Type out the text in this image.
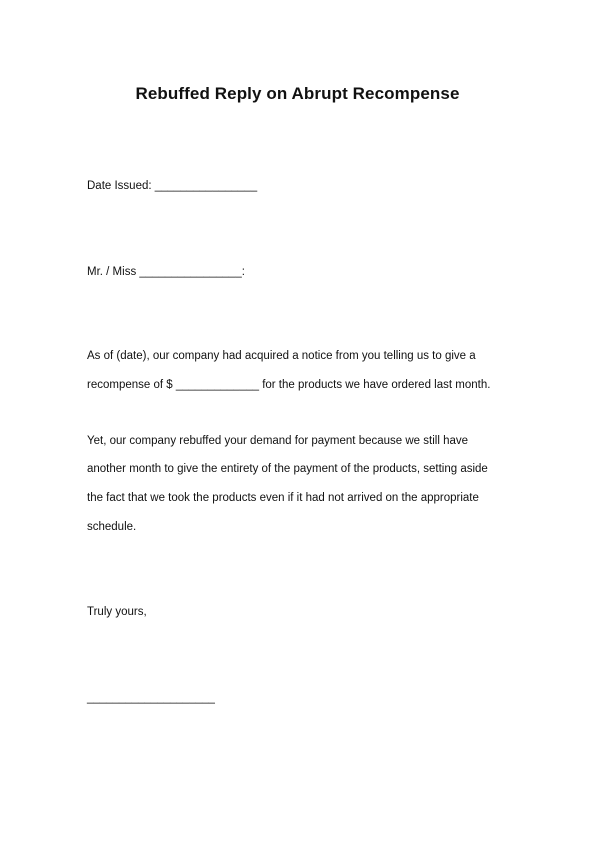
Rebuffed Reply on Abrupt Recompense
Date Issued: ________________
Mr. / Miss ________________:
As of (date), our company had acquired a notice from you telling us to give a
recompense of $ _____________ for the products we have ordered last month.
Yet, our company rebuffed your demand for payment because we still have
another month to give the entirety of the payment of the products, setting aside
the fact that we took the products even if it had not arrived on the appropriate
schedule.
Truly yours,
____________________
